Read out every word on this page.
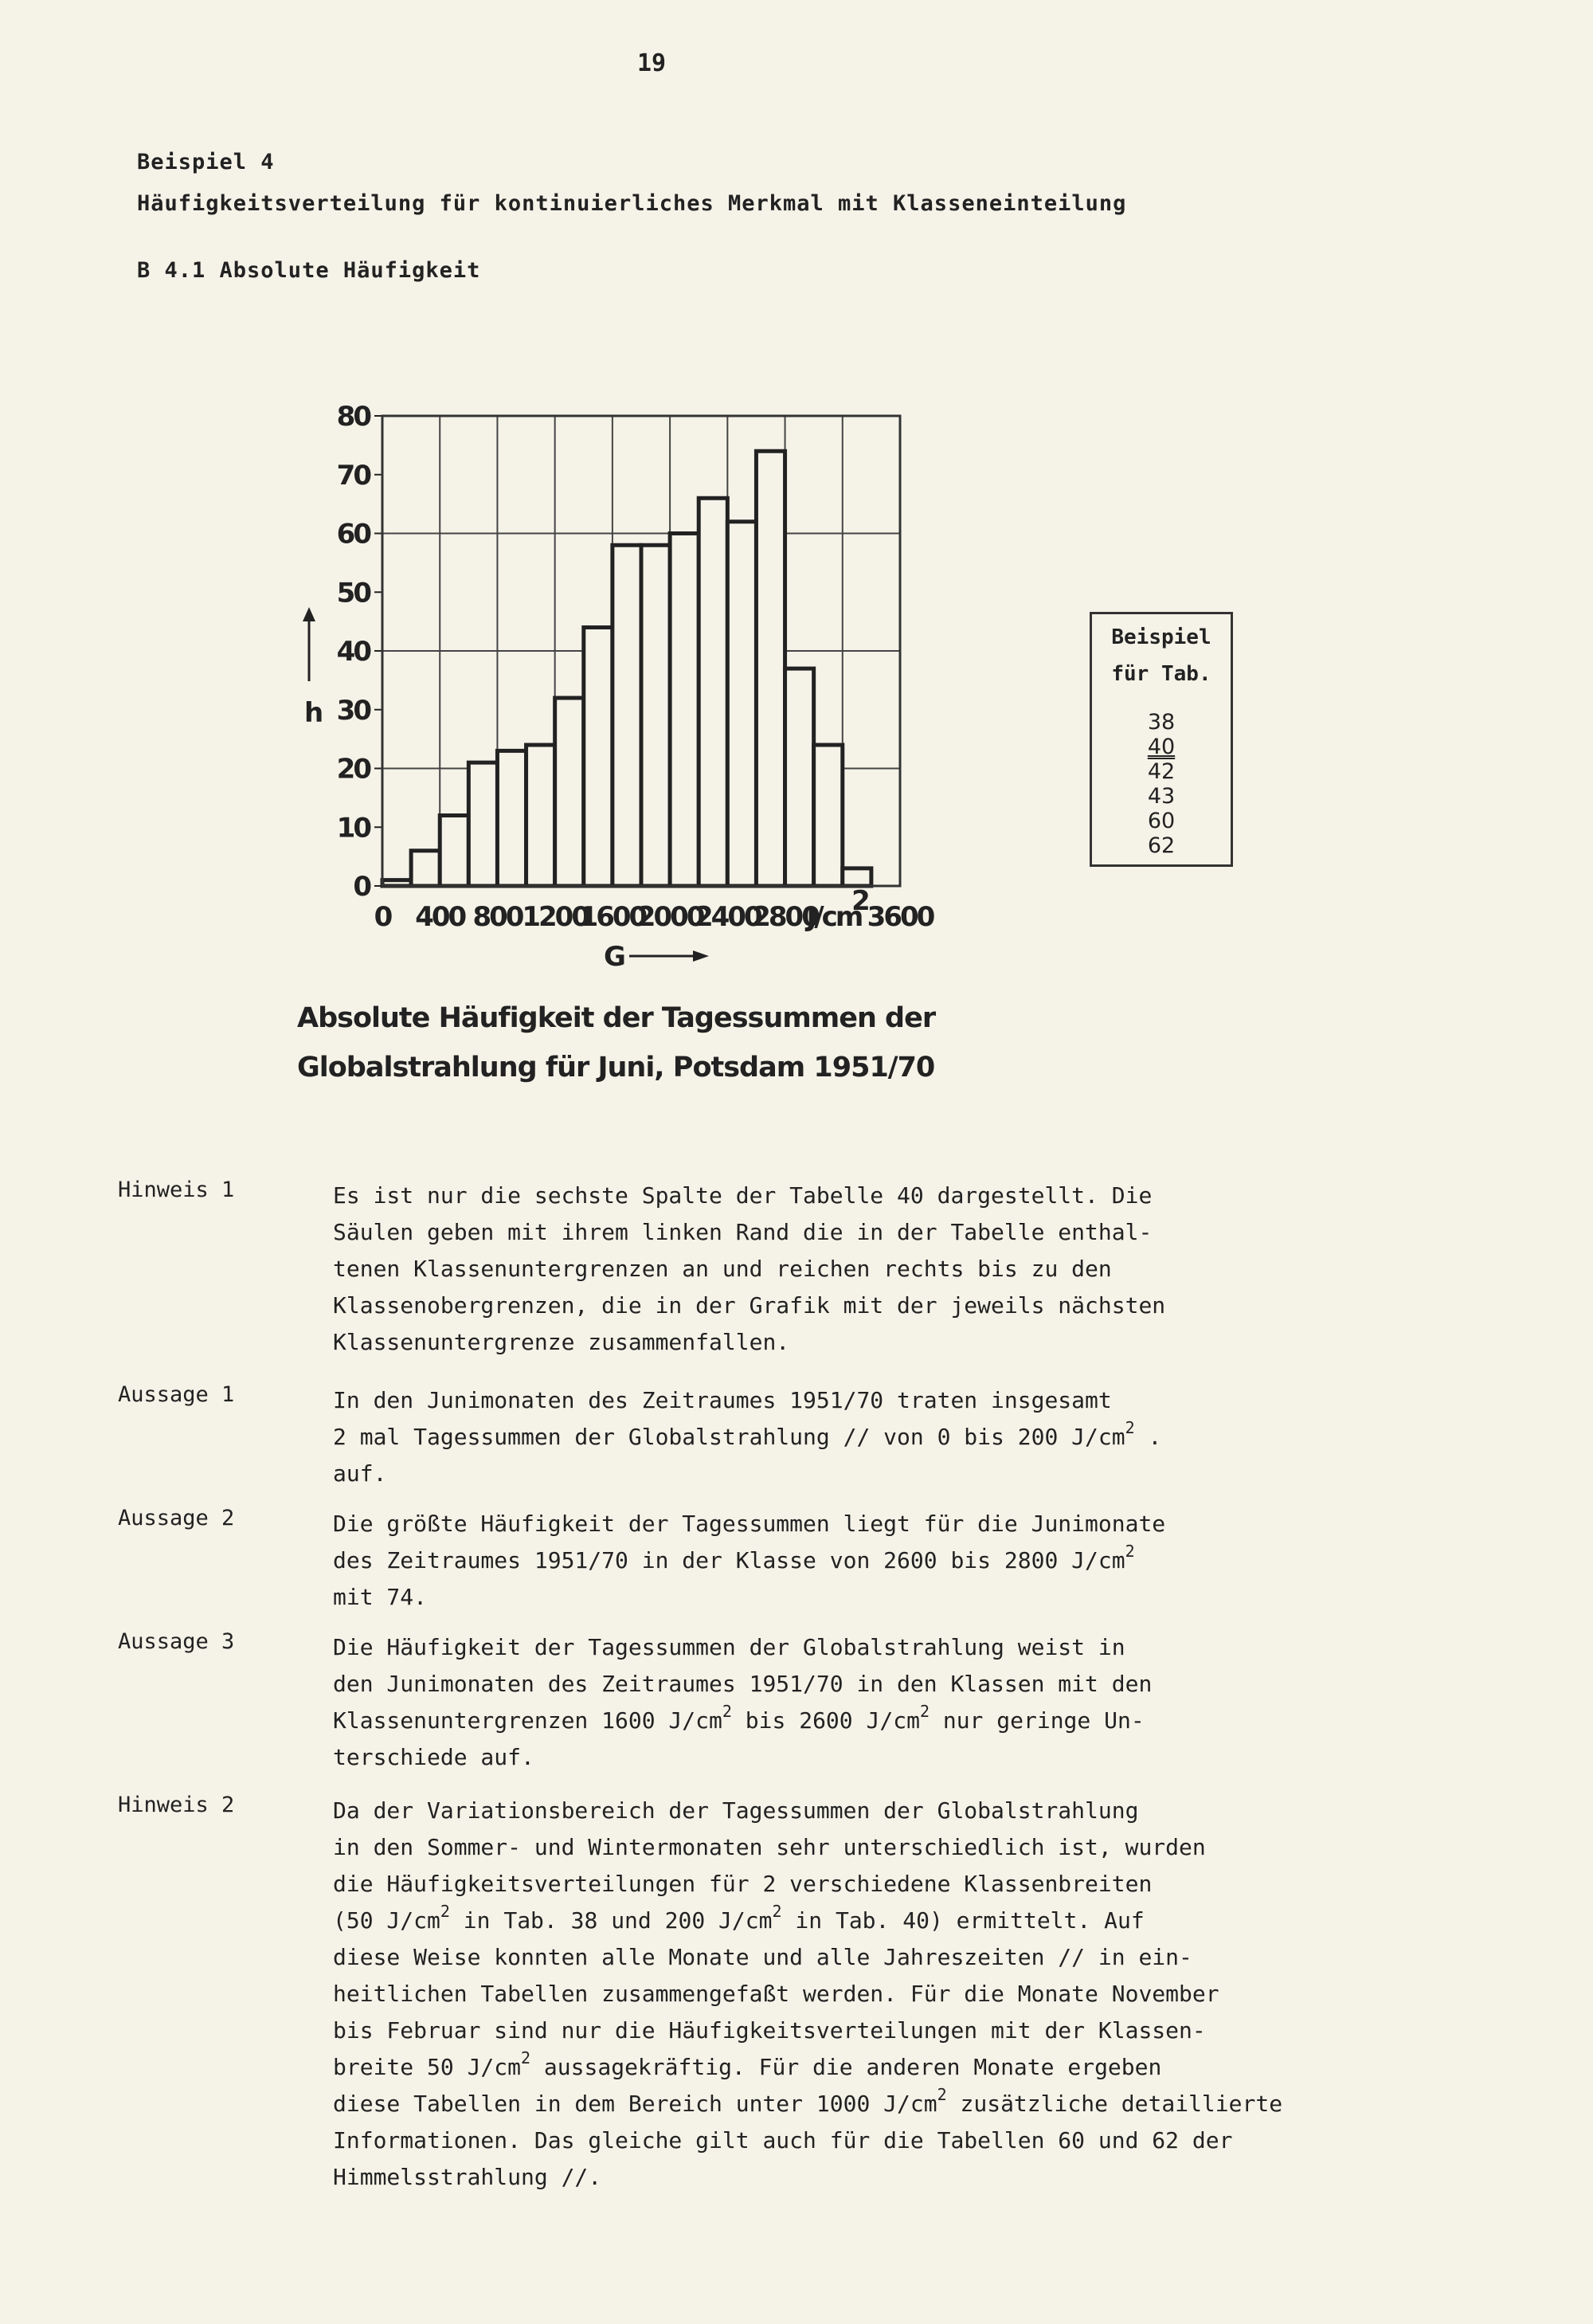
19
Beispiel 4
Häufigkeitsverteilung für kontinuierliches Merkmal mit Klasseneinteilung
B 4.1 Absolute Häufigkeit
0
10
20
30
40
50
60
70
80
0 400 800 1200
1600
2000
2400
2800
J/cm 3600
2
h
G
Absolute Häufigkeit der Tagessummen der
Globalstrahlung für Juni, Potsdam 1951/70
Beispiel
für Tab.
38
40
42
43
60
62
Hinweis 1	Es ist nur die sechste Spalte der Tabelle 40 dargestellt. Die
Säulen geben mit ihrem linken Rand die in der Tabelle enthal-
tenen Klassenuntergrenzen an und reichen rechts bis zu den
Klassenobergrenzen, die in der Grafik mit der jeweils nächsten
Klassenuntergrenze zusammenfallen.
Aussage 1	In den Junimonaten des Zeitraumes 1951/70 traten insgesamt
2 mal Tagessummen der Globalstrahlung // von 0 bis 200 $J/cm^2$ .
auf.
Aussage 2	Die größte Häufigkeit der Tagessummen liegt für die Junimonate
des Zeitraumes 1951/70 in der Klasse von 2600 bis 2800 $J/cm^2$
mit 74.
Aussage 3	Die Häufigkeit der Tagessummen der Globalstrahlung weist in
den Junimonaten des Zeitraumes 1951/70 in den Klassen mit den
Klassenuntergrenzen 1600 $J/cm^2$ bis 2600 $J/cm^2$ nur geringe Un-
terschiede auf.
Hinweis 2	Da der Variationsbereich der Tagessummen der Globalstrahlung
in den Sommer- und Wintermonaten sehr unterschiedlich ist, wurden
die Häufigkeitsverteilungen für 2 verschiedene Klassenbreiten
(50 $J/cm^2$ in Tab. 38 und 200 $J/cm^2$ in Tab. 40) ermittelt. Auf
diese Weise konnten alle Monate und alle Jahreszeiten // in ein-
heitlichen Tabellen zusammengefaßt werden. Für die Monate November
bis Februar sind nur die Häufigkeitsverteilungen mit der Klassen-
breite 50 $J/cm^2$ aussagekräftig. Für die anderen Monate ergeben
diese Tabellen in dem Bereich unter 1000 $J/cm^2$ zusätzliche detaillierte
Informationen. Das gleiche gilt auch für die Tabellen 60 und 62 der
Himmelsstrahlung //.
